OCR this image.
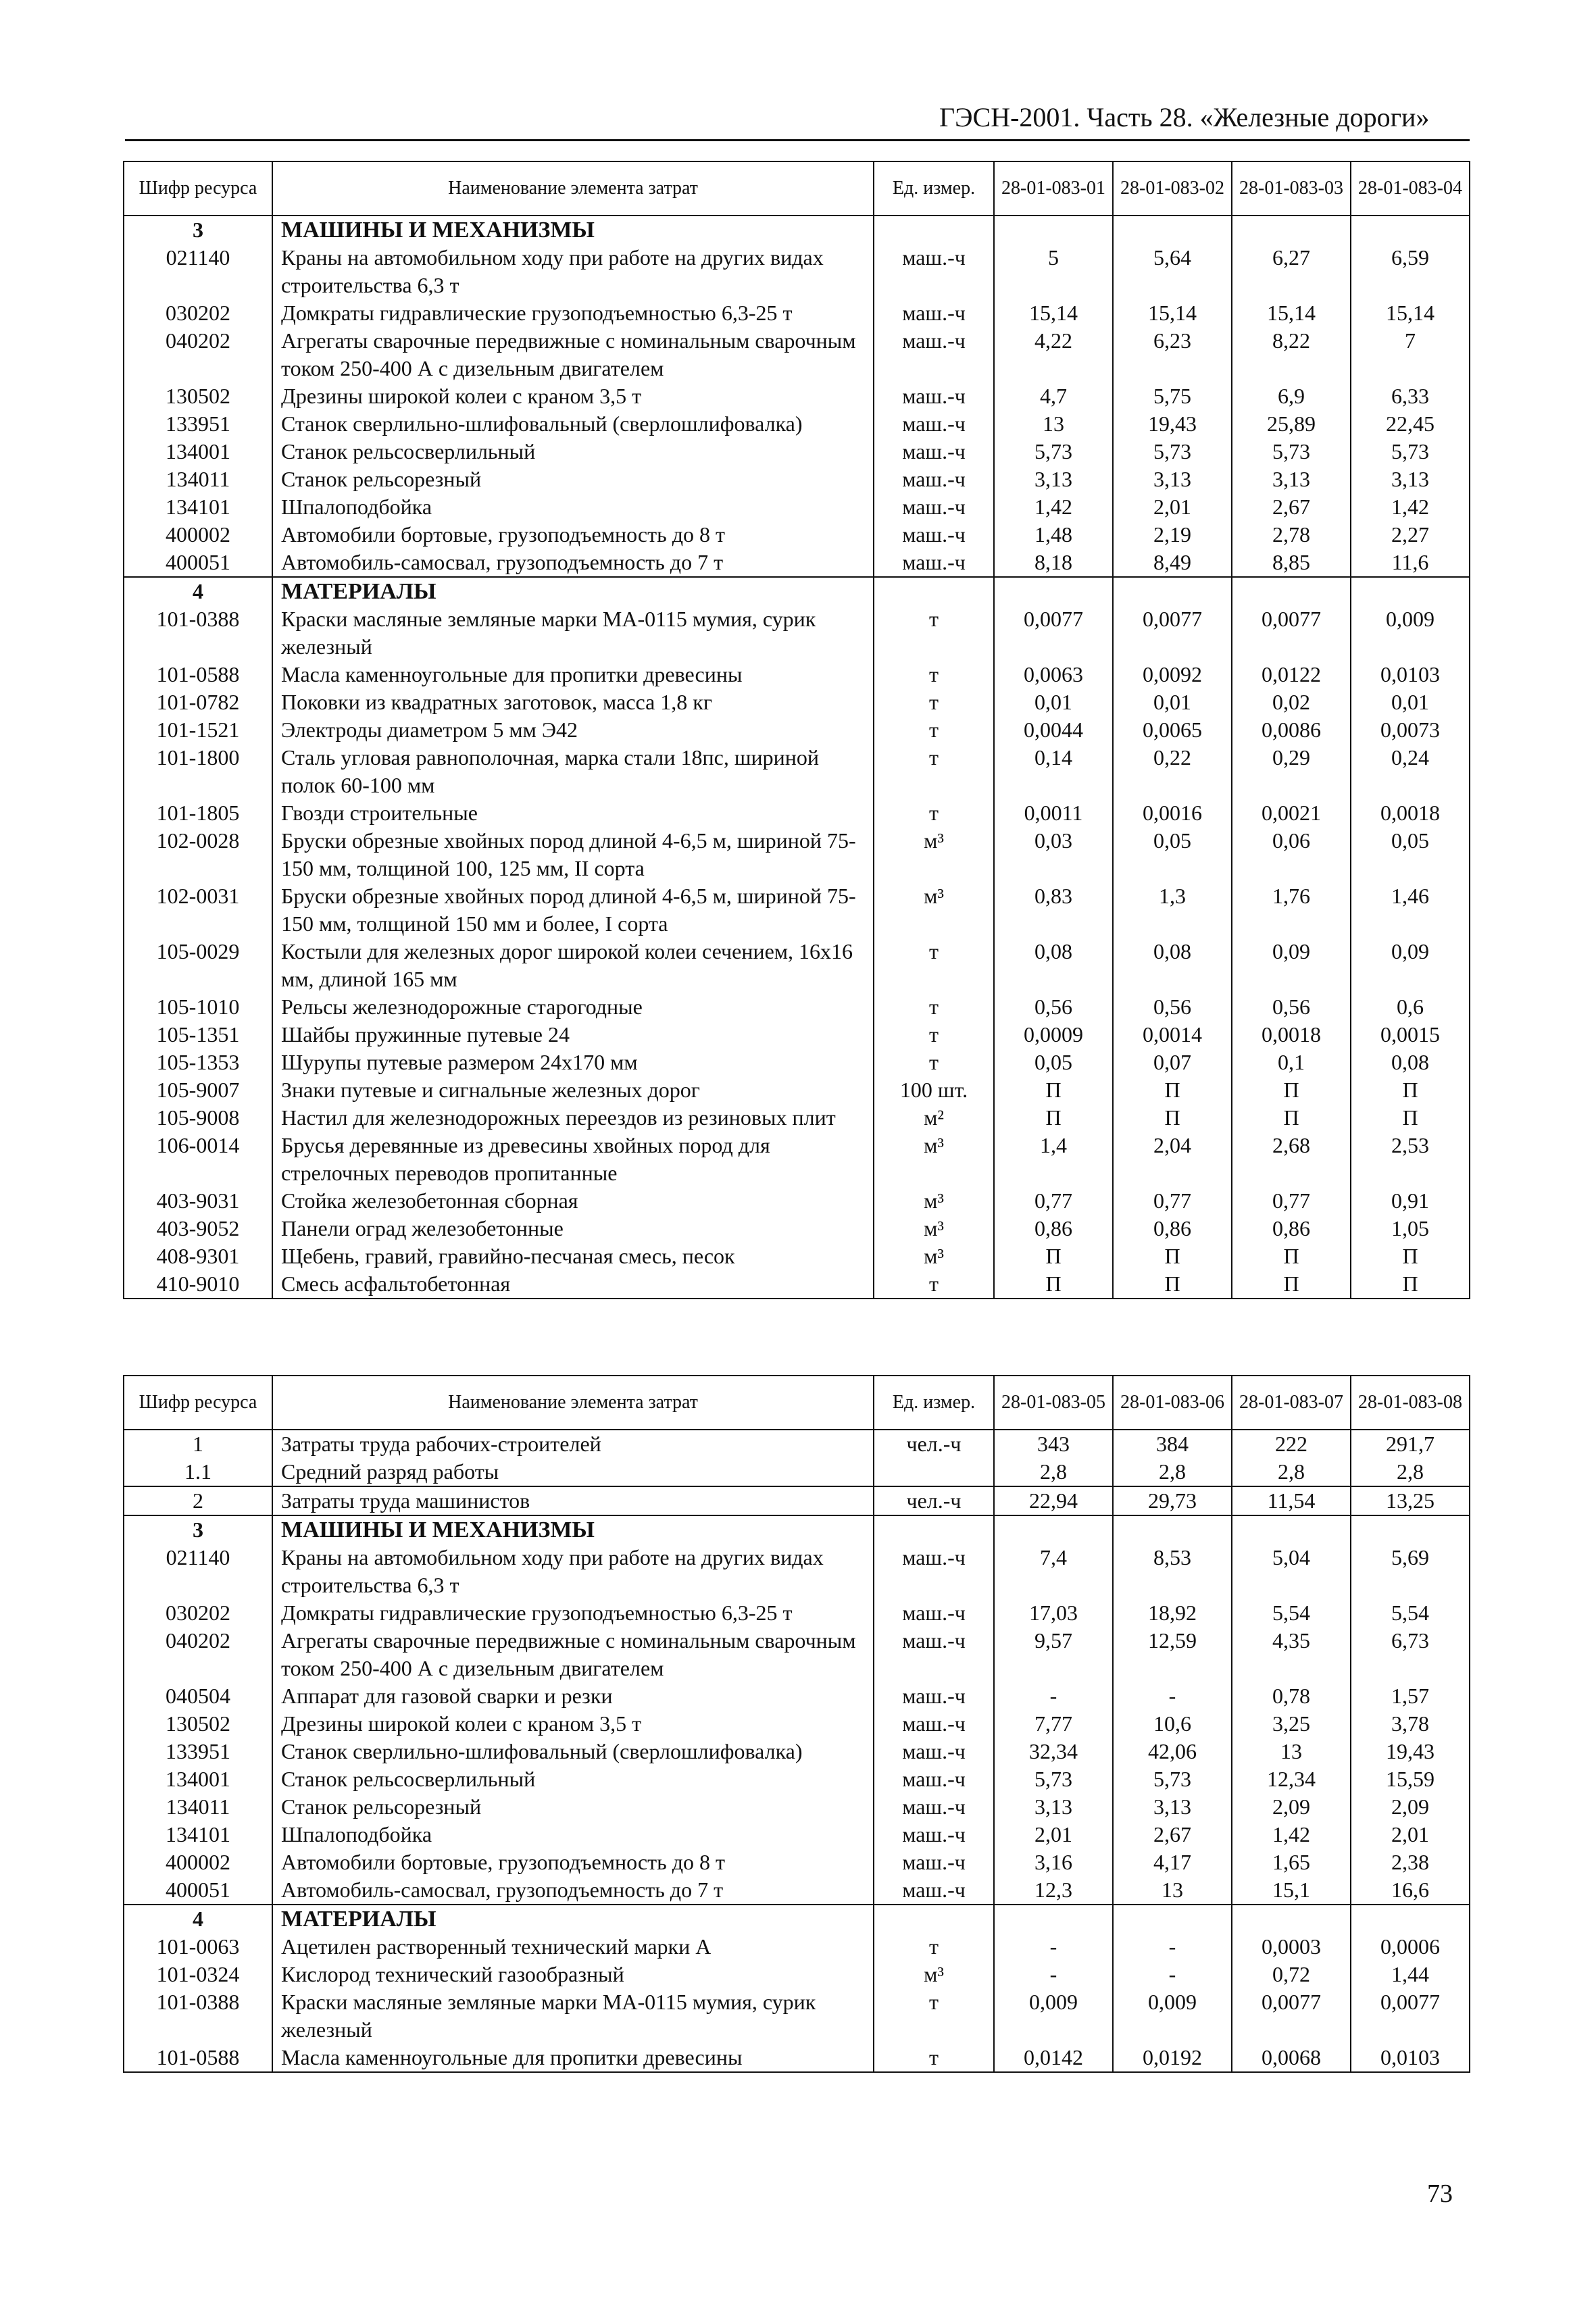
ГЭСН-2001. Часть 28. «Железные дороги»
Шифр ресурса	Наименование элемента затрат	Ед. измер.	28-01-083-01	28-01-083-02	28-01-083-03	28-01-083-04
3	МАШИНЫ И МЕХАНИЗМЫ					
021140	Краны на автомобильном ходу при работе на других видах строительства 6,3 т	маш.-ч	5	5,64	6,27	6,59
030202	Домкраты гидравлические грузоподъемностью 6,3-25 т	маш.-ч	15,14	15,14	15,14	15,14
040202	Агрегаты сварочные передвижные с номинальным сварочным током 250-400 А с дизельным двигателем	маш.-ч	4,22	6,23	8,22	7
130502	Дрезины широкой колеи с краном 3,5 т	маш.-ч	4,7	5,75	6,9	6,33
133951	Станок сверлильно-шлифовальный (сверлошлифовалка)	маш.-ч	13	19,43	25,89	22,45
134001	Станок рельсосверлильный	маш.-ч	5,73	5,73	5,73	5,73
134011	Станок рельсорезный	маш.-ч	3,13	3,13	3,13	3,13
134101	Шпалоподбойка	маш.-ч	1,42	2,01	2,67	1,42
400002	Автомобили бортовые, грузоподъемность до 8 т	маш.-ч	1,48	2,19	2,78	2,27
400051	Автомобиль-самосвал, грузоподъемность до 7 т	маш.-ч	8,18	8,49	8,85	11,6
4	МАТЕРИАЛЫ					
101-0388	Краски масляные земляные марки МА-0115 мумия, сурик железный	т	0,0077	0,0077	0,0077	0,009
101-0588	Масла каменноугольные для пропитки древесины	т	0,0063	0,0092	0,0122	0,0103
101-0782	Поковки из квадратных заготовок, масса 1,8 кг	т	0,01	0,01	0,02	0,01
101-1521	Электроды диаметром 5 мм Э42	т	0,0044	0,0065	0,0086	0,0073
101-1800	Сталь угловая равнополочная, марка стали 18пс, шириной полок 60-100 мм	т	0,14	0,22	0,29	0,24
101-1805	Гвозди строительные	т	0,0011	0,0016	0,0021	0,0018
102-0028	Бруски обрезные хвойных пород длиной 4-6,5 м, шириной 75-150 мм, толщиной 100, 125 мм, II сорта	м³	0,03	0,05	0,06	0,05
102-0031	Бруски обрезные хвойных пород длиной 4-6,5 м, шириной 75-150 мм, толщиной 150 мм и более, I сорта	м³	0,83	1,3	1,76	1,46
105-0029	Костыли для железных дорог широкой колеи сечением, 16х16 мм, длиной 165 мм	т	0,08	0,08	0,09	0,09
105-1010	Рельсы железнодорожные старогодные	т	0,56	0,56	0,56	0,6
105-1351	Шайбы пружинные путевые 24	т	0,0009	0,0014	0,0018	0,0015
105-1353	Шурупы путевые размером 24х170 мм	т	0,05	0,07	0,1	0,08
105-9007	Знаки путевые и сигнальные железных дорог	100 шт.	П	П	П	П
105-9008	Настил для железнодорожных переездов из резиновых плит	м²	П	П	П	П
106-0014	Брусья деревянные из древесины хвойных пород для стрелочных переводов пропитанные	м³	1,4	2,04	2,68	2,53
403-9031	Стойка железобетонная сборная	м³	0,77	0,77	0,77	0,91
403-9052	Панели оград железобетонные	м³	0,86	0,86	0,86	1,05
408-9301	Щебень, гравий, гравийно-песчаная смесь, песок	м³	П	П	П	П
410-9010	Смесь асфальтобетонная	т	П	П	П	П
Шифр ресурса	Наименование элемента затрат	Ед. измер.	28-01-083-05	28-01-083-06	28-01-083-07	28-01-083-08
1	Затраты труда рабочих-строителей	чел.-ч	343	384	222	291,7
1.1	Средний разряд работы		2,8	2,8	2,8	2,8
2	Затраты труда машинистов	чел.-ч	22,94	29,73	11,54	13,25
3	МАШИНЫ И МЕХАНИЗМЫ					
021140	Краны на автомобильном ходу при работе на других видах строительства 6,3 т	маш.-ч	7,4	8,53	5,04	5,69
030202	Домкраты гидравлические грузоподъемностью 6,3-25 т	маш.-ч	17,03	18,92	5,54	5,54
040202	Агрегаты сварочные передвижные с номинальным сварочным током 250-400 А с дизельным двигателем	маш.-ч	9,57	12,59	4,35	6,73
040504	Аппарат для газовой сварки и резки	маш.-ч	-	-	0,78	1,57
130502	Дрезины широкой колеи с краном 3,5 т	маш.-ч	7,77	10,6	3,25	3,78
133951	Станок сверлильно-шлифовальный (сверлошлифовалка)	маш.-ч	32,34	42,06	13	19,43
134001	Станок рельсосверлильный	маш.-ч	5,73	5,73	12,34	15,59
134011	Станок рельсорезный	маш.-ч	3,13	3,13	2,09	2,09
134101	Шпалоподбойка	маш.-ч	2,01	2,67	1,42	2,01
400002	Автомобили бортовые, грузоподъемность до 8 т	маш.-ч	3,16	4,17	1,65	2,38
400051	Автомобиль-самосвал, грузоподъемность до 7 т	маш.-ч	12,3	13	15,1	16,6
4	МАТЕРИАЛЫ					
101-0063	Ацетилен растворенный технический марки А	т	-	-	0,0003	0,0006
101-0324	Кислород технический газообразный	м³	-	-	0,72	1,44
101-0388	Краски масляные земляные марки МА-0115 мумия, сурик железный	т	0,009	0,009	0,0077	0,0077
101-0588	Масла каменноугольные для пропитки древесины	т	0,0142	0,0192	0,0068	0,0103
73
